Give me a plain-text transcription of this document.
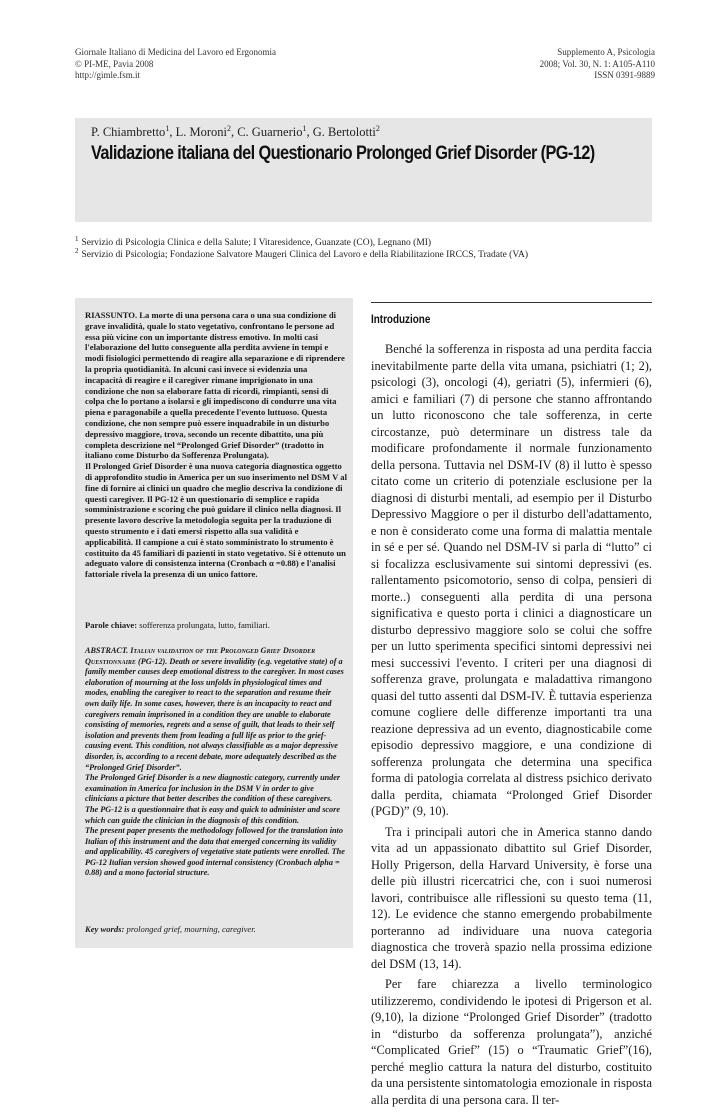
Giornale Italiano di Medicina del Lavoro ed Ergonomia
© PI-ME, Pavia 2008
http://gimle.fsm.it
Supplemento A, Psicologia
2008; Vol. 30, N. 1: A105-A110
ISSN 0391-9889
P. Chiambretto$^1$, L. Moroni$^2$, C. Guarnerio$^1$, G. Bertolotti$^2$
Validazione italiana del Questionario Prolonged Grief Disorder (PG-12)
$^1$ Servizio di Psicologia Clinica e della Salute; I Vitaresidence, Guanzate (CO), Legnano (MI)
$^2$ Servizio di Psicologia; Fondazione Salvatore Maugeri Clinica del Lavoro e della Riabilitazione IRCCS, Tradate (VA)

RIASSUNTO. La morte di una persona cara o una sua condizione di grave invalidità, quale lo stato vegetativo, confrontano le persone ad essa più vicine con un importante distress emotivo. In molti casi l'elaborazione del lutto conseguente alla perdita avviene in tempi e modi fisiologici permettendo di reagire alla separazione e di riprendere la propria quotidianità. In alcuni casi invece si evidenzia una incapacità di reagire e il caregiver rimane imprigionato in una condizione che non sa elaborare fatta di ricordi, rimpianti, sensi di colpa che lo portano a isolarsi e gli impediscono di condurre una vita piena e paragonabile a quella precedente l'evento luttuoso. Questa condizione, che non sempre può essere inquadrabile in un disturbo depressivo maggiore, trova, secondo un recente dibattito, una più completa descrizione nel “Prolonged Grief Disorder” (tradotto in italiano come Disturbo da Sofferenza Prolungata).

Il Prolonged Grief Disorder è una nuova categoria diagnostica oggetto di approfondito studio in America per un suo inserimento nel DSM V al fine di fornire ai clinici un quadro che meglio descriva la condizione di questi caregiver. Il PG-12 è un questionario di semplice e rapida somministrazione e scoring che può guidare il clinico nella diagnosi. Il presente lavoro descrive la metodologia seguita per la traduzione di questo strumento e i dati emersi rispetto alla sua validità e applicabilità. Il campione a cui è stato somministrato lo strumento è costituito da 45 familiari di pazienti in stato vegetativo. Si è ottenuto un adeguato valore di consistenza interna (Cronbach α =0.88) e l'analisi fattoriale rivela la presenza di un unico fattore.

Parole chiave: sofferenza prolungata, lutto, familiari.

ABSTRACT. Italian validation of the Prolonged Grief Disorder Questionnaire (PG-12). Death or severe invalidity (e.g. vegetative state) of a family member causes deep emotional distress to the caregiver. In most cases elaboration of mourning at the loss unfolds in physiological times and modes, enabling the caregiver to react to the separation and resume their own daily life. In some cases, however, there is an incapacity to react and caregivers remain imprisoned in a condition they are unable to elaborate consisting of memories, regrets and a sense of guilt, that leads to their self isolation and prevents them from leading a full life as prior to the grief-causing event. This condition, not always classifiable as a major depressive disorder, is, according to a recent debate, more adequately described as the “Prolonged Grief Disorder”.

The Prolonged Grief Disorder is a new diagnostic category, currently under examination in America for inclusion in the DSM V in order to give clinicians a picture that better describes the condition of these caregivers. The PG-12 is a questionnaire that is easy and quick to administer and score which can guide the clinician in the diagnosis of this condition.

The present paper presents the methodology followed for the translation into Italian of this instrument and the data that emerged concerning its validity and applicability. 45 caregivers of vegetative state patients were enrolled. The PG-12 Italian version showed good internal consistency (Cronbach alpha = 0.88) and a mono factorial structure.

Key words: prolonged grief, mourning, caregiver.
Introduzione

Benché la sofferenza in risposta ad una perdita faccia inevitabilmente parte della vita umana, psichiatri (1; 2), psicologi (3), oncologi (4), geriatri (5), infermieri (6), amici e familiari (7) di persone che stanno affrontando un lutto riconoscono che tale sofferenza, in certe circostanze, può determinare un distress tale da modificare profondamente il normale funzionamento della persona. Tuttavia nel DSM-IV (8) il lutto è spesso citato come un criterio di potenziale esclusione per la diagnosi di disturbi mentali, ad esempio per il Disturbo Depressivo Maggiore o per il disturbo dell'adattamento, e non è considerato come una forma di malattia mentale in sé e per sé. Quando nel DSM-IV si parla di “lutto” ci si focalizza esclusivamente sui sintomi depressivi (es. rallentamento psicomotorio, senso di colpa, pensieri di morte..) conseguenti alla perdita di una persona significativa e questo porta i clinici a diagnosticare un disturbo depressivo maggiore solo se colui che soffre per un lutto sperimenta specifici sintomi depressivi nei mesi successivi l'evento. I criteri per una diagnosi di sofferenza grave, prolungata e maladattiva rimangono quasi del tutto assenti dal DSM-IV. È tuttavia esperienza comune cogliere delle differenze importanti tra una reazione depressiva ad un evento, diagnosticabile come episodio depressivo maggiore, e una condizione di sofferenza prolungata che determina una specifica forma di patologia correlata al distress psichico derivato dalla perdita, chiamata “Prolonged Grief Disorder (PGD)” (9, 10).

Tra i principali autori che in America stanno dando vita ad un appassionato dibattito sul Grief Disorder, Holly Prigerson, della Harvard University, è forse una delle più illustri ricercatrici che, con i suoi numerosi lavori, contribuisce alle riflessioni su questo tema (11, 12). Le evidence che stanno emergendo probabilmente porteranno ad individuare una nuova categoria diagnostica che troverà spazio nella prossima edizione del DSM (13, 14).

Per fare chiarezza a livello terminologico utilizzeremo, condividendo le ipotesi di Prigerson et al. (9,10), la dizione “Prolonged Grief Disorder” (tradotto in “disturbo da sofferenza prolungata”), anziché “Complicated Grief” (15) o “Traumatic Grief”(16), perché meglio cattura la natura del disturbo, costituito da una persistente sintomatologia emozionale in risposta alla perdita di una persona cara. Il ter-
